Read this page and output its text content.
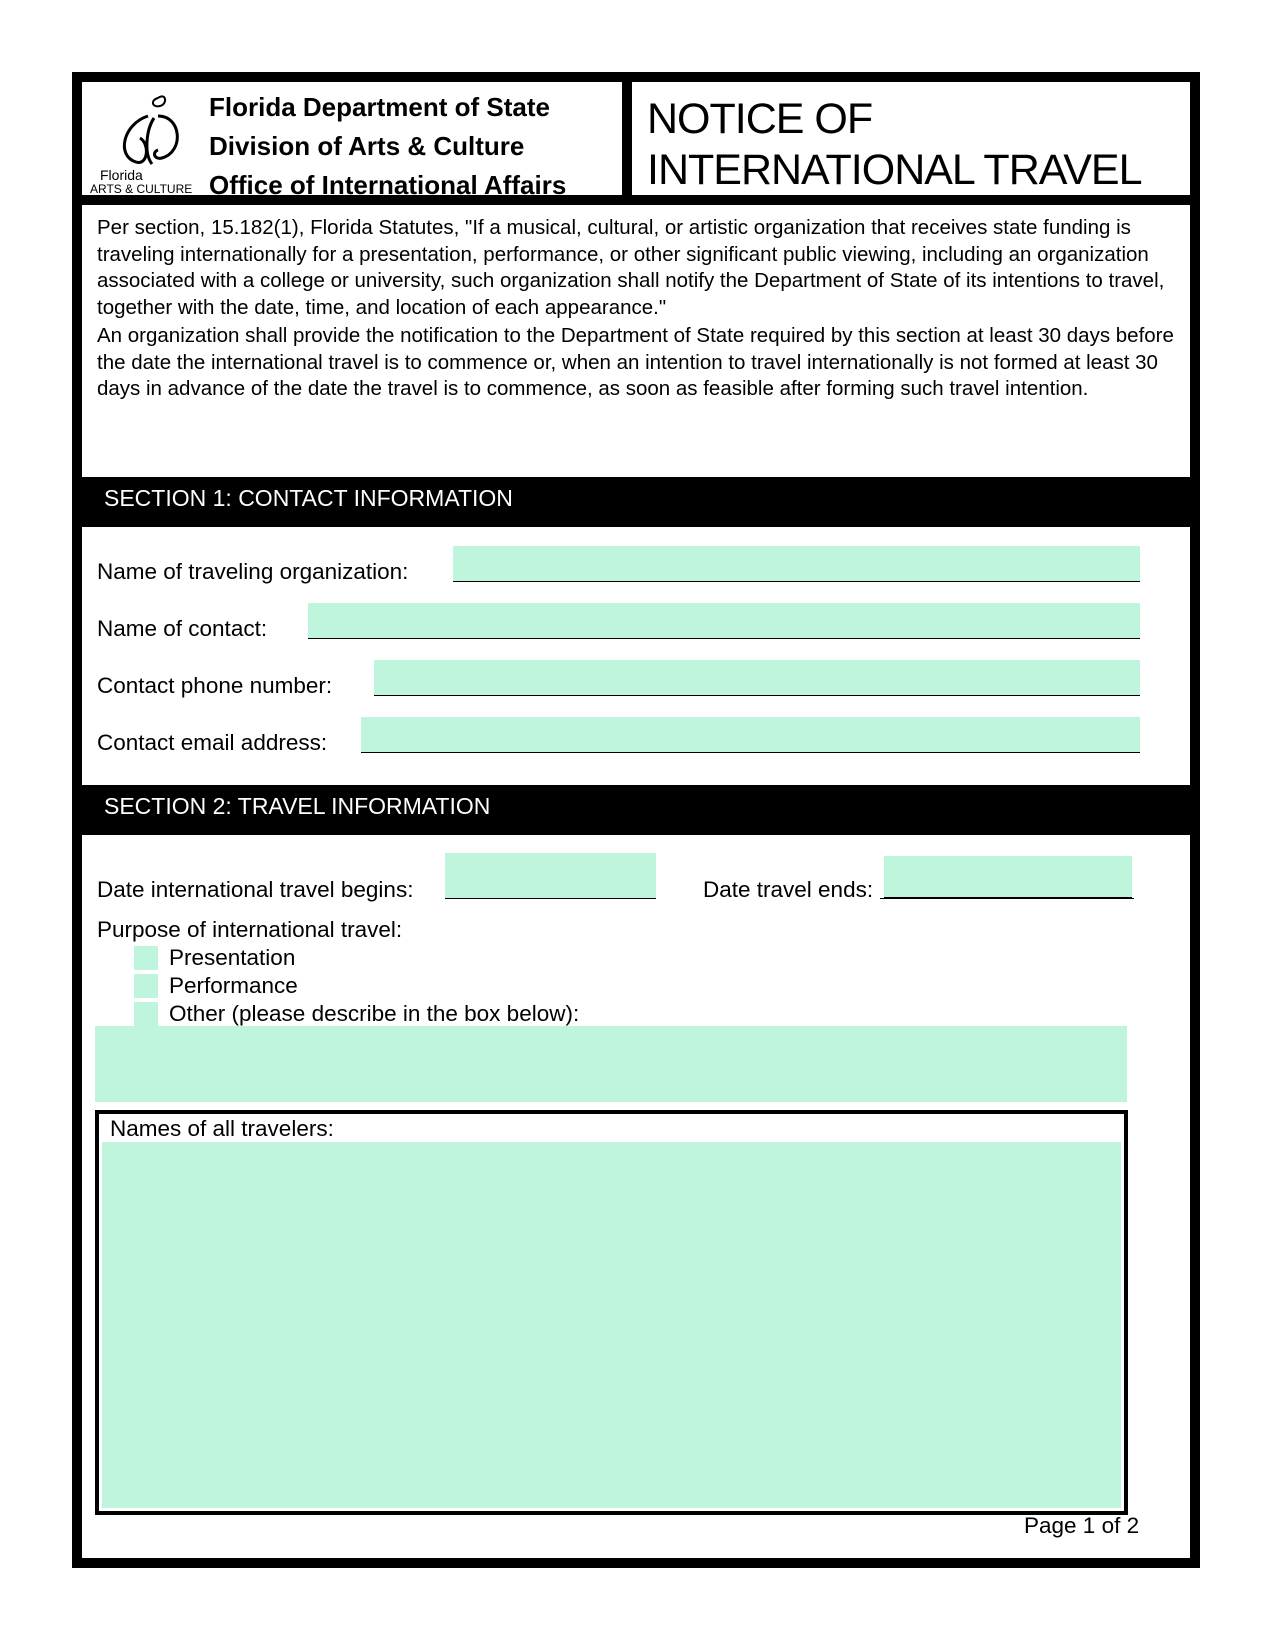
Florida
ARTS & CULTURE
Florida Department of State
Division of Arts & Culture
Office of International Affairs
NOTICE OF
INTERNATIONAL TRAVEL

Per section, 15.182(1), Florida Statutes, "If a musical, cultural, or artistic organization that receives state funding is traveling internationally for a presentation, performance, or other significant public viewing, including an organization associated with a college or university, such organization shall notify the Department of State of its intentions to travel, together with the date, time, and location of each appearance."

An organization shall provide the notification to the Department of State required by this section at least 30 days before the date the international travel is to commence or, when an intention to travel internationally is not formed at least 30 days in advance of the date the travel is to commence, as soon as feasible after forming such travel intention.

SECTION 1: CONTACT INFORMATION
Name of traveling organization:
Name of contact:
Contact phone number:
Contact email address:
SECTION 2: TRAVEL INFORMATION
Date international travel begins:	Date travel ends:
Purpose of international travel:
Presentation
Performance
Other (please describe in the box below):
Names of all travelers:
Page 1 of 2
